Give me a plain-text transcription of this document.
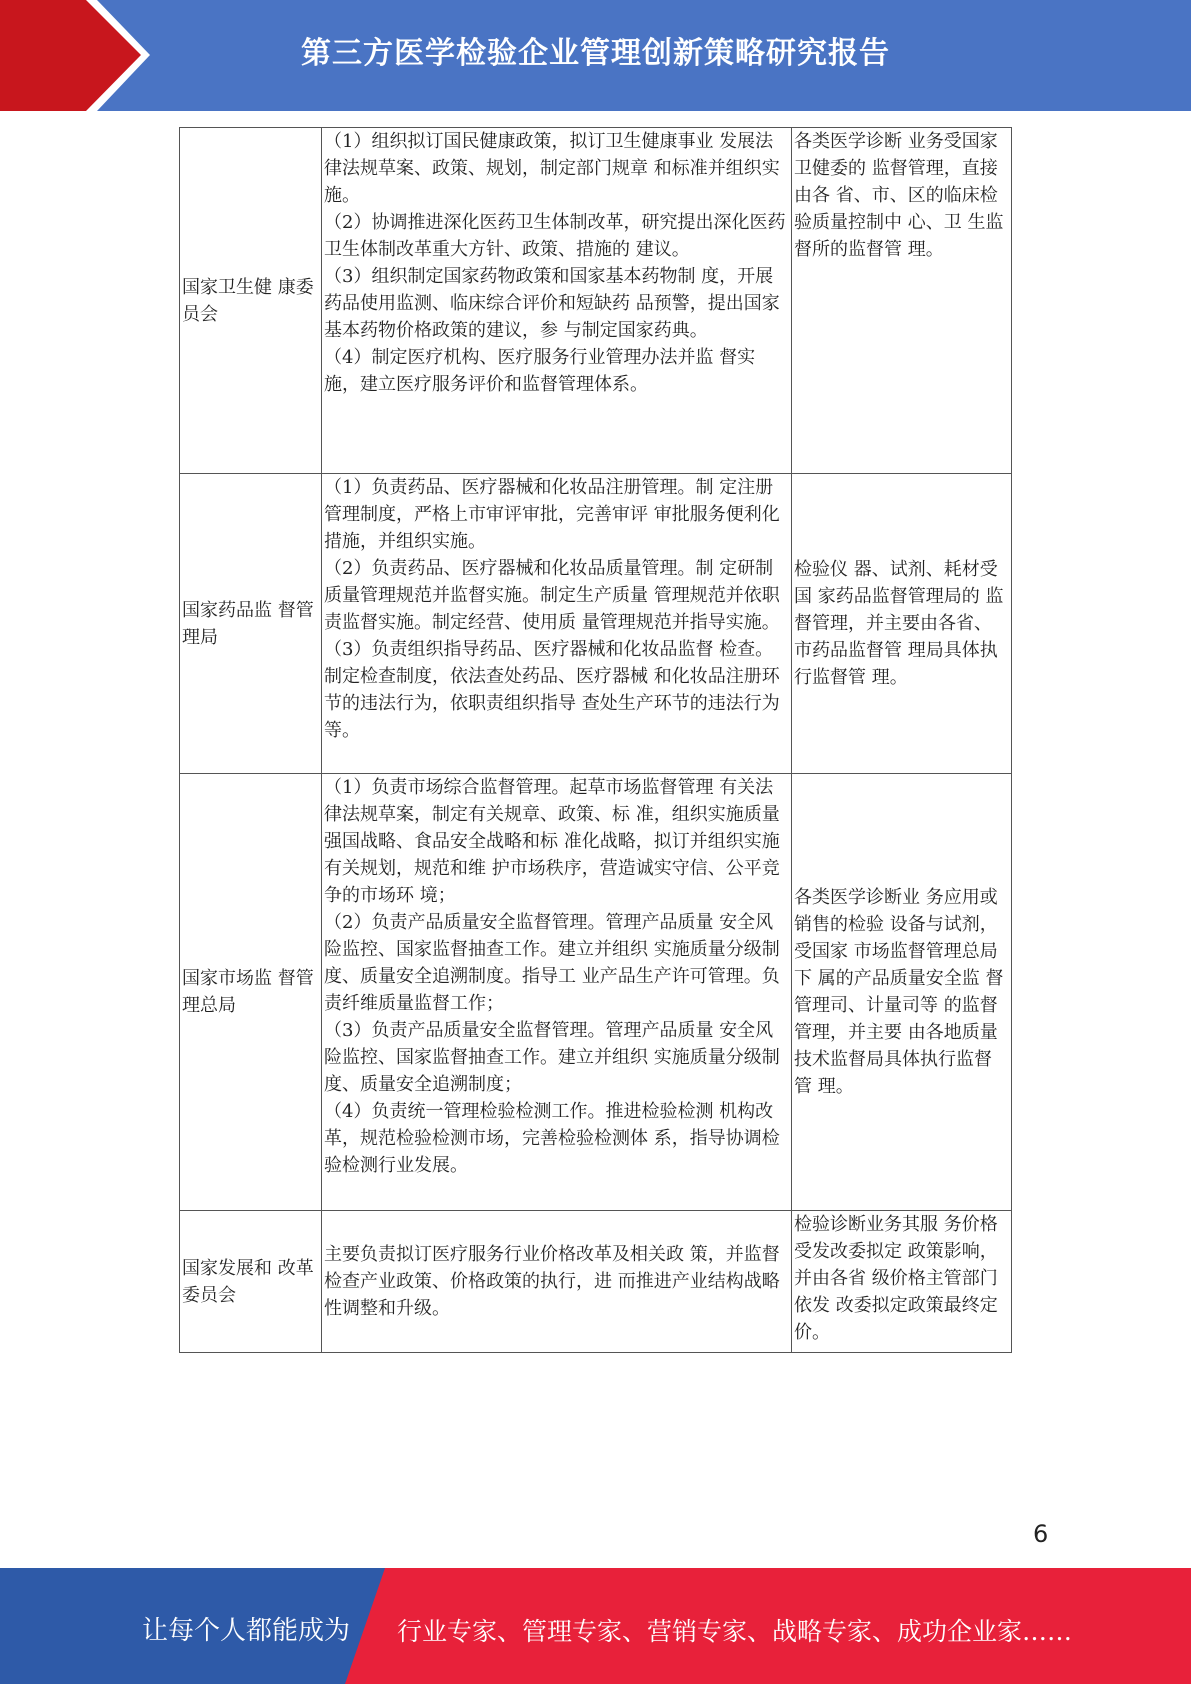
第三方医学检验企业管理创新策略研究报告
国家卫生健 康委员会	（1）组织拟订国民健康政策，拟订卫生健康事业 发展法律法规草案、政策、规划，制定部门规章 和标准并组织实施。

（2）协调推进深化医药卫生体制改革，研究提出深化医药卫生体制改革重大方针、政策、措施的 建议。

（3）组织制定国家药物政策和国家基本药物制 度，开展药品使用监测、临床综合评价和短缺药 品预警，提出国家基本药物价格政策的建议，参 与制定国家药典。

（4）制定医疗机构、医疗服务行业管理办法并监 督实施，建立医疗服务评价和监督管理体系。	各类医学诊断 业务受国家卫健委的 监督管理，直接由各 省、市、区的临床检验质量控制中 心、卫 生监督所的监督管 理。
国家药品监 督管理局	（1）负责药品、医疗器械和化妆品注册管理。制 定注册管理制度，严格上市审评审批，完善审评 审批服务便利化措施，并组织实施。

（2）负责药品、医疗器械和化妆品质量管理。制 定研制质量管理规范并监督实施。制定生产质量 管理规范并依职责监督实施。制定经营、使用质 量管理规范并指导实施。

（3）负责组织指导药品、医疗器械和化妆品监督 检查。制定检查制度，依法查处药品、医疗器械 和化妆品注册环节的违法行为，依职责组织指导 查处生产环节的违法行为等。	检验仪 器、试剂、耗材受国 家药品监督管理局的 监督管理，并主要由各省、市药品监督管 理局具体执行监督管 理。
国家市场监 督管理总局	（1）负责市场综合监督管理。起草市场监督管理 有关法律法规草案，制定有关规章、政策、标 准，组织实施质量强国战略、食品安全战略和标 准化战略，拟订并组织实施有关规划，规范和维 护市场秩序，营造诚实守信、公平竞争的市场环 境；

（2）负责产品质量安全监督管理。管理产品质量 安全风险监控、国家监督抽查工作。建立并组织 实施质量分级制度、质量安全追溯制度。指导工 业产品生产许可管理。负责纤维质量监督工作；

（3）负责产品质量安全监督管理。管理产品质量 安全风险监控、国家监督抽查工作。建立并组织 实施质量分级制度、质量安全追溯制度；

（4）负责统一管理检验检测工作。推进检验检测 机构改革，规范检验检测市场，完善检验检测体 系，指导协调检验检测行业发展。	各类医学诊断业 务应用或销售的检验 设备与试剂，受国家 市场监督管理总局下 属的产品质量安全监 督管理司、计量司等 的监督管理，并主要 由各地质量技术监督局具体执行监督管 理。
国家发展和 改革委员会	主要负责拟订医疗服务行业价格改革及相关政 策，并监督检查产业政策、价格政策的执行，进 而推进产业结构战略性调整和升级。	检验诊断业务其服 务价格受发改委拟定 政策影响，并由各省 级价格主管部门依发 改委拟定政策最终定 价。
6
让每个人都能成为 行业专家、管理专家、营销专家、战略专家、成功企业家……
